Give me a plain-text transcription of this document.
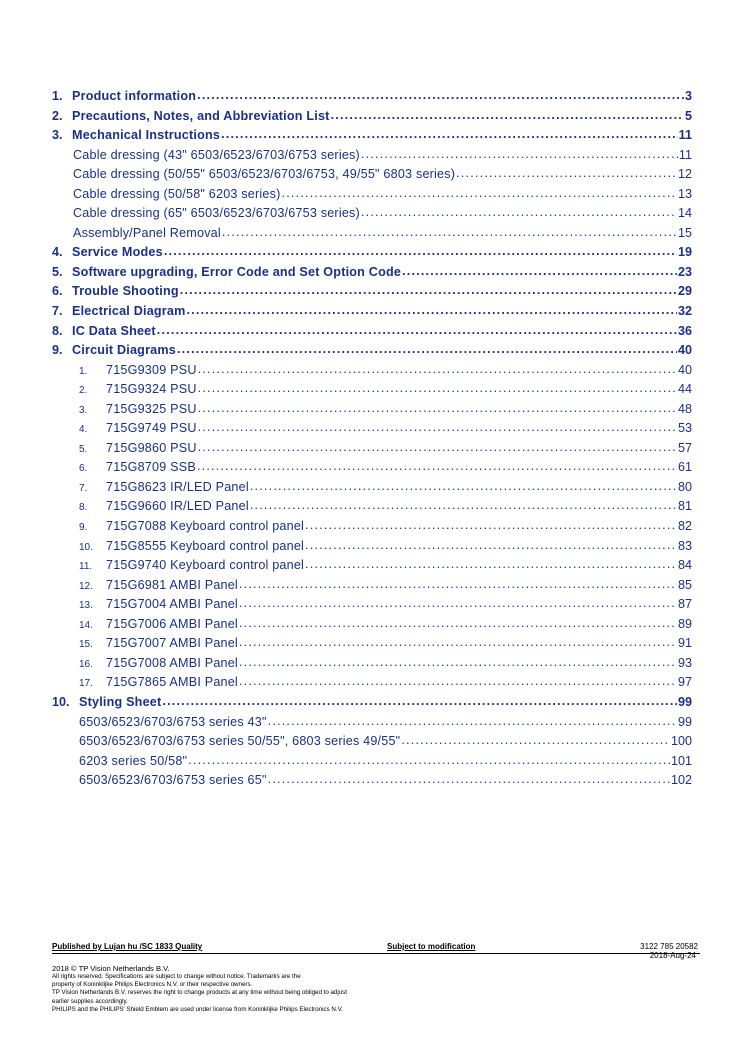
1. Product information .....	3
2. Precautions, Notes, and Abbreviation List .....	5
3. Mechanical Instructions .....	11
Cable dressing (43" 6503/6523/6703/6753 series) .....	11
Cable dressing (50/55" 6503/6523/6703/6753, 49/55" 6803 series) .....	12
Cable dressing (50/58" 6203 series) .....	13
Cable dressing (65" 6503/6523/6703/6753 series) .....	14
Assembly/Panel Removal .....	15
4. Service Modes .....	19
5. Software upgrading, Error Code and Set Option Code .....	23
6. Trouble Shooting .....	29
7. Electrical Diagram .....	32
8. IC Data Sheet .....	36
9. Circuit Diagrams .....	40
1.	715G9309 PSU .....	40
2.	715G9324 PSU .....	44
3.	715G9325 PSU .....	48
4.	715G9749 PSU .....	53
5.	715G9860 PSU .....	57
6.	715G8709 SSB .....	61
7.	715G8623 IR/LED Panel .....	80
8.	715G9660 IR/LED Panel .....	81
9.	715G7088 Keyboard control panel .....	82
10.	715G8555 Keyboard control panel .....	83
11.	715G9740 Keyboard control panel .....	84
12.	715G6981 AMBI Panel .....	85
13.	715G7004 AMBI Panel .....	87
14.	715G7006 AMBI Panel .....	89
15.	715G7007 AMBI Panel .....	91
16.	715G7008 AMBI Panel .....	93
17.	715G7865 AMBI Panel .....	97
10. Styling Sheet .....	99
6503/6523/6703/6753 series 43" .....	99
6503/6523/6703/6753 series 50/55", 6803 series 49/55" .....	100
6203 series 50/58" .....	101
6503/6523/6703/6753 series 65" .....	102
Published by Lujan hu /SC 1833 Quality	Subject to modification	3122 785 20582
2018-Aug-24
2018 © TP Vision Netherlands B.V.
All rights reserved. Specifications are subject to change without notice. Trademarks are the
property of Koninklijke Philips Electronics N.V. or their respective owners.
TP Vision Netherlands B.V. reserves the right to change products at any time without being obliged to adjust
earlier supplies accordingly.
PHILIPS and the PHILIPS' Shield Emblem are used under license from Koninklijke Philips Electronics N.V.
